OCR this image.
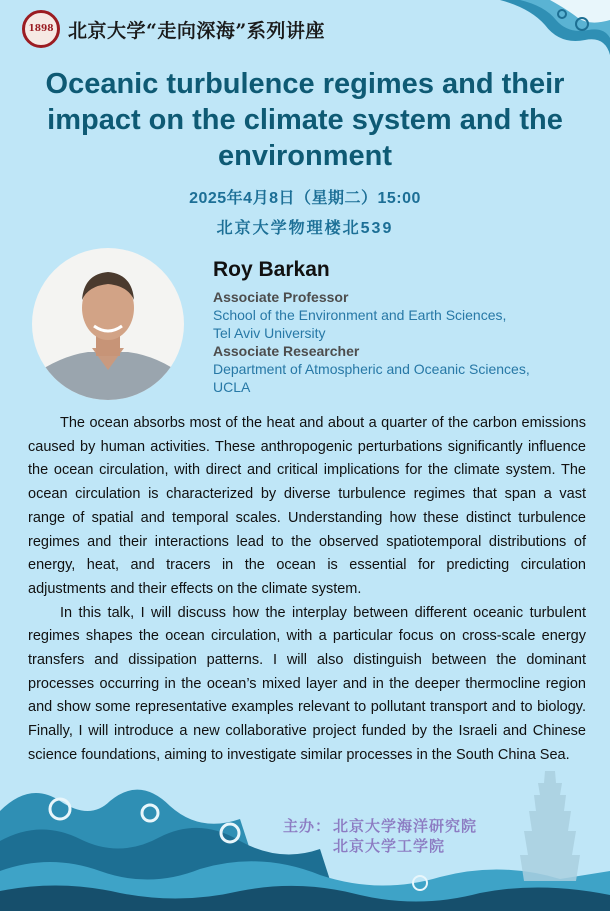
1898 北京大学“走向深海”系列讲座
Oceanic turbulence regimes and their impact on the climate system and the environment
2025年4月8日（星期二）15:00
北京大学物理楼北539
Roy Barkan
Associate Professor
School of the Environment and Earth Sciences,
Tel Aviv University
Associate Researcher
Department of Atmospheric and Oceanic Sciences,
UCLA

The ocean absorbs most of the heat and about a quarter of the carbon emissions caused by human activities. These anthropogenic perturbations significantly influence the ocean circulation, with direct and critical implications for the climate system. The ocean circulation is characterized by diverse turbulence regimes that span a vast range of spatial and temporal scales. Understanding how these distinct turbulence regimes and their interactions lead to the observed spatiotemporal distributions of energy, heat, and tracers in the ocean is essential for predicting circulation adjustments and their effects on the climate system.

In this talk, I will discuss how the interplay between different oceanic turbulent regimes shapes the ocean circulation, with a particular focus on cross-scale energy transfers and dissipation patterns. I will also distinguish between the dominant processes occurring in the ocean’s mixed layer and in the deeper thermocline region and show some representative examples relevant to pollutant transport and to biology. Finally, I will introduce a new collaborative project funded by the Israeli and Chinese science foundations, aiming to investigate similar processes in the South China Sea.

主办： 北京大学海洋研究院
北京大学工学院
